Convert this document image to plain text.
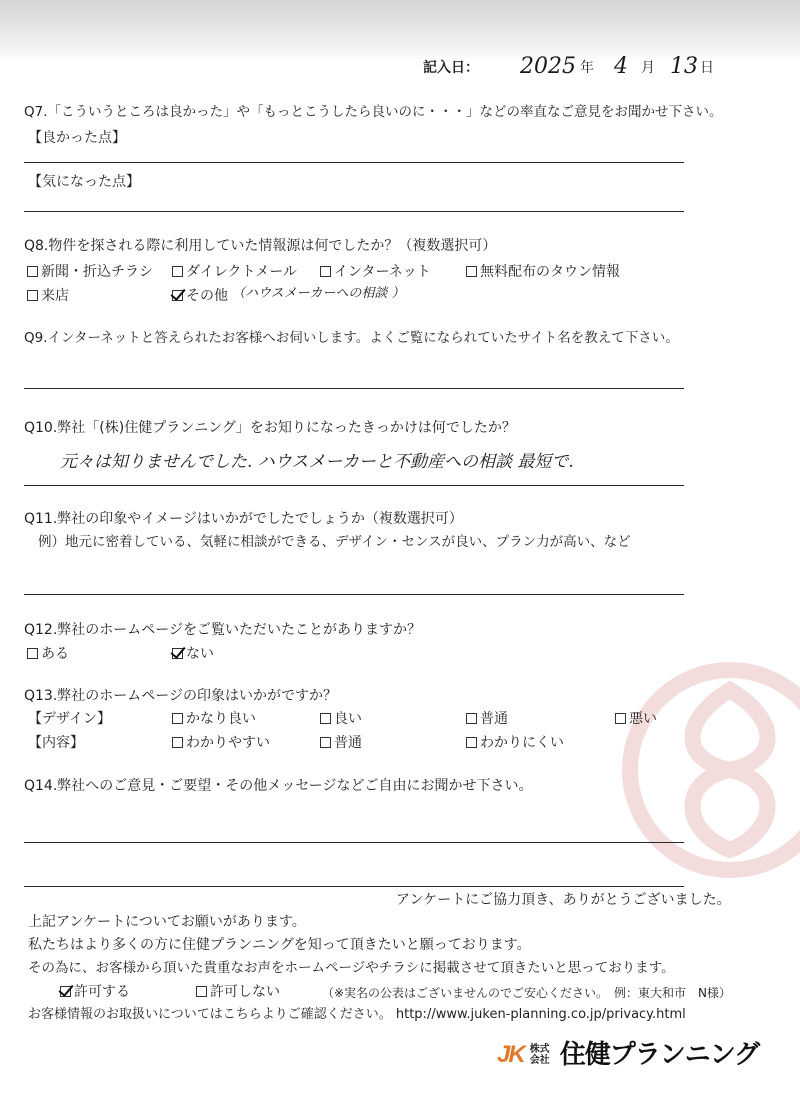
記入日： 2025 年 4 月 13 日
Q7.「こういうところは良かった」や「もっとこうしたら良いのに・・・」などの率直なご意見をお聞かせ下さい。
【良かった点】
【気になった点】
Q8.物件を探される際に利用していた情報源は何でしたか？（複数選択可）
新聞・折込チラシ	ダイレクトメール	インターネット	無料配布のタウン情報
来店	その他 （ハウスメーカーへの相談 ）
Q9.インターネットと答えられたお客様へお伺いします。よくご覧になられていたサイト名を教えて下さい。
Q10.弊社「(株)住健プランニング」をお知りになったきっかけは何でしたか？
元々は知りませんでした. ハウスメーカーと不動産への相談 最短で.
Q11.弊社の印象やイメージはいかがでしたでしょうか（複数選択可）
例）地元に密着している、気軽に相談ができる、デザイン・センスが良い、プラン力が高い、など
Q12.弊社のホームページをご覧いただいたことがありますか？
ある	ない
Q13.弊社のホームページの印象はいかがですか？
【デザイン】	かなり良い	良い	普通	悪い
【内容】	わかりやすい	普通	わかりにくい
Q14.弊社へのご意見・ご要望・その他メッセージなどご自由にお聞かせ下さい。
アンケートにご協力頂き、ありがとうございました。
上記アンケートについてお願いがあります。
私たちはより多くの方に住健プランニングを知って頂きたいと願っております。
その為に、お客様から頂いた貴重なお声をホームページやチラシに掲載させて頂きたいと思っております。
許可する	許可しない	（※実名の公表はございませんのでご安心ください。　例：東大和市　N様）
お客様情報のお取扱いについてはこちらよりご確認ください。 http://www.juken-planning.co.jp/privacy.html
JK 株式会社 住健プランニング
